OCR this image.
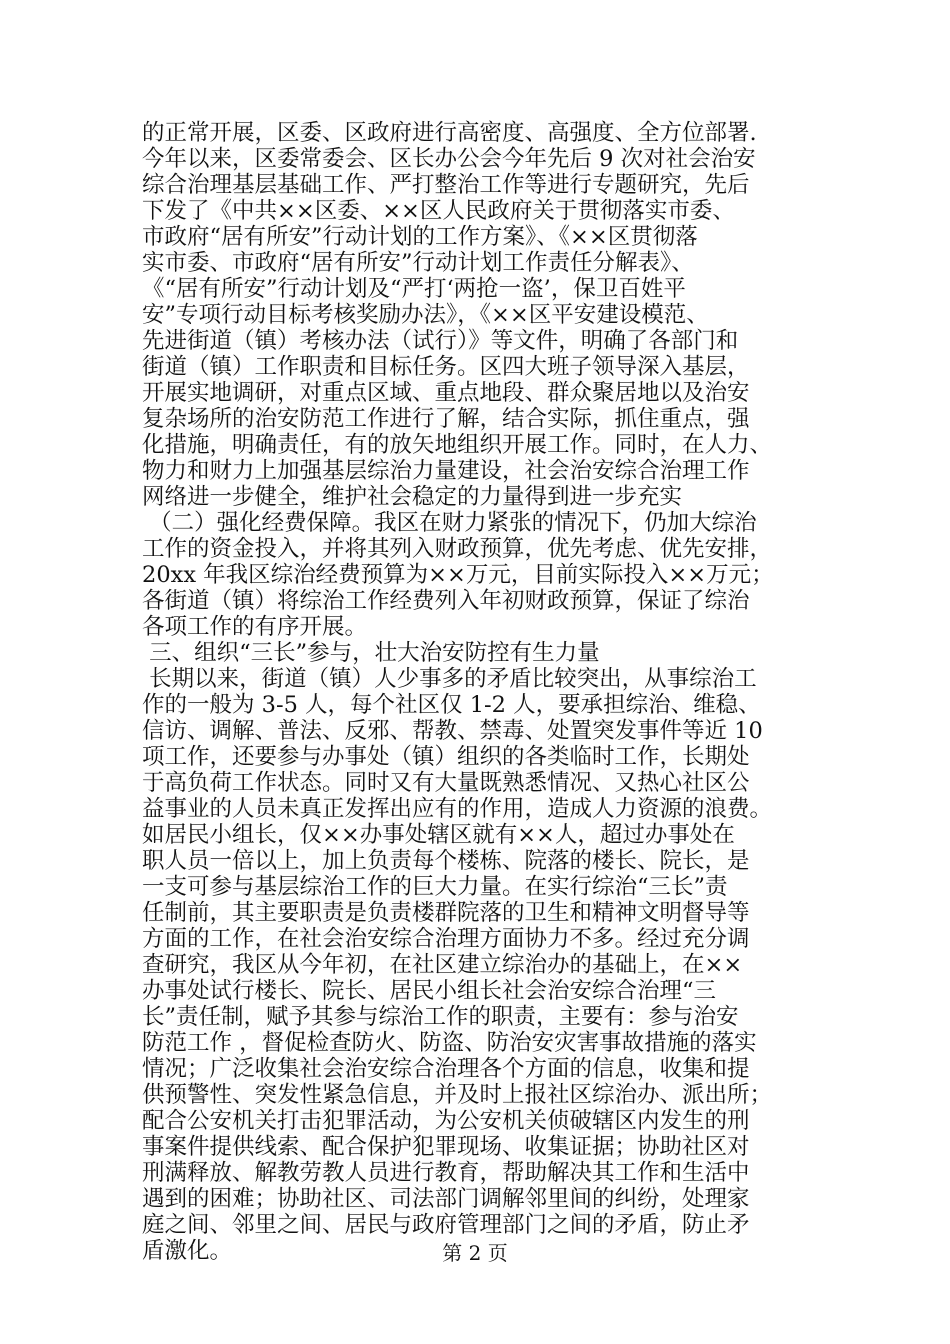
的正常开展，区委、区政府进行高密度、高强度、全方位部署.
今年以来，区委常委会、区长办公会今年先后 9 次对社会治安
综合治理基层基础工作、严打整治工作等进行专题研究，先后
下发了《中共××区委、××区人民政府关于贯彻落实市委、
市政府“居有所安”行动计划的工作方案》、《××区贯彻落
实市委、市政府“居有所安”行动计划工作责任分解表》、
《“居有所安”行动计划及“严打‘两抢一盗’，保卫百姓平
安”专项行动目标考核奖励办法》，《××区平安建设模范、
先进街道（镇）考核办法（试行）》等文件，明确了各部门和
街道（镇）工作职责和目标任务。区四大班子领导深入基层，
开展实地调研，对重点区域、重点地段、群众聚居地以及治安
复杂场所的治安防范工作进行了解，结合实际，抓住重点，强
化措施，明确责任，有的放矢地组织开展工作。同时，在人力、
物力和财力上加强基层综治力量建设，社会治安综合治理工作
网络进一步健全，维护社会稳定的力量得到进一步充实
（二）强化经费保障。我区在财力紧张的情况下，仍加大综治
工作的资金投入，并将其列入财政预算，优先考虑、优先安排，
20xx 年我区综治经费预算为××万元，目前实际投入××万元；
各街道（镇）将综治工作经费列入年初财政预算，保证了综治
各项工作的有序开展。
三、组织“三长”参与，壮大治安防控有生力量
长期以来，街道（镇）人少事多的矛盾比较突出，从事综治工
作的一般为 3-5 人，每个社区仅 1-2 人，要承担综治、维稳、
信访、调解、普法、反邪、帮教、禁毒、处置突发事件等近 10
项工作，还要参与办事处（镇）组织的各类临时工作，长期处
于高负荷工作状态。同时又有大量既熟悉情况、又热心社区公
益事业的人员未真正发挥出应有的作用，造成人力资源的浪费。
如居民小组长，仅××办事处辖区就有××人，超过办事处在
职人员一倍以上，加上负责每个楼栋、院落的楼长、院长，是
一支可参与基层综治工作的巨大力量。在实行综治“三长”责
任制前，其主要职责是负责楼群院落的卫生和精神文明督导等
方面的工作，在社会治安综合治理方面协力不多。经过充分调
查研究，我区从今年初，在社区建立综治办的基础上，在××
办事处试行楼长、院长、居民小组长社会治安综合治理“三
长”责任制，赋予其参与综治工作的职责，主要有：参与治安
防范工作 ，督促检查防火、防盗、防治安灾害事故措施的落实
情况；广泛收集社会治安综合治理各个方面的信息，收集和提
供预警性、突发性紧急信息，并及时上报社区综治办、派出所；
配合公安机关打击犯罪活动，为公安机关侦破辖区内发生的刑
事案件提供线索、配合保护犯罪现场、收集证据；协助社区对
刑满释放、解教劳教人员进行教育，帮助解决其工作和生活中
遇到的困难；协助社区、司法部门调解邻里间的纠纷，处理家
庭之间、邻里之间、居民与政府管理部门之间的矛盾，防止矛
盾激化。	第 2 页
